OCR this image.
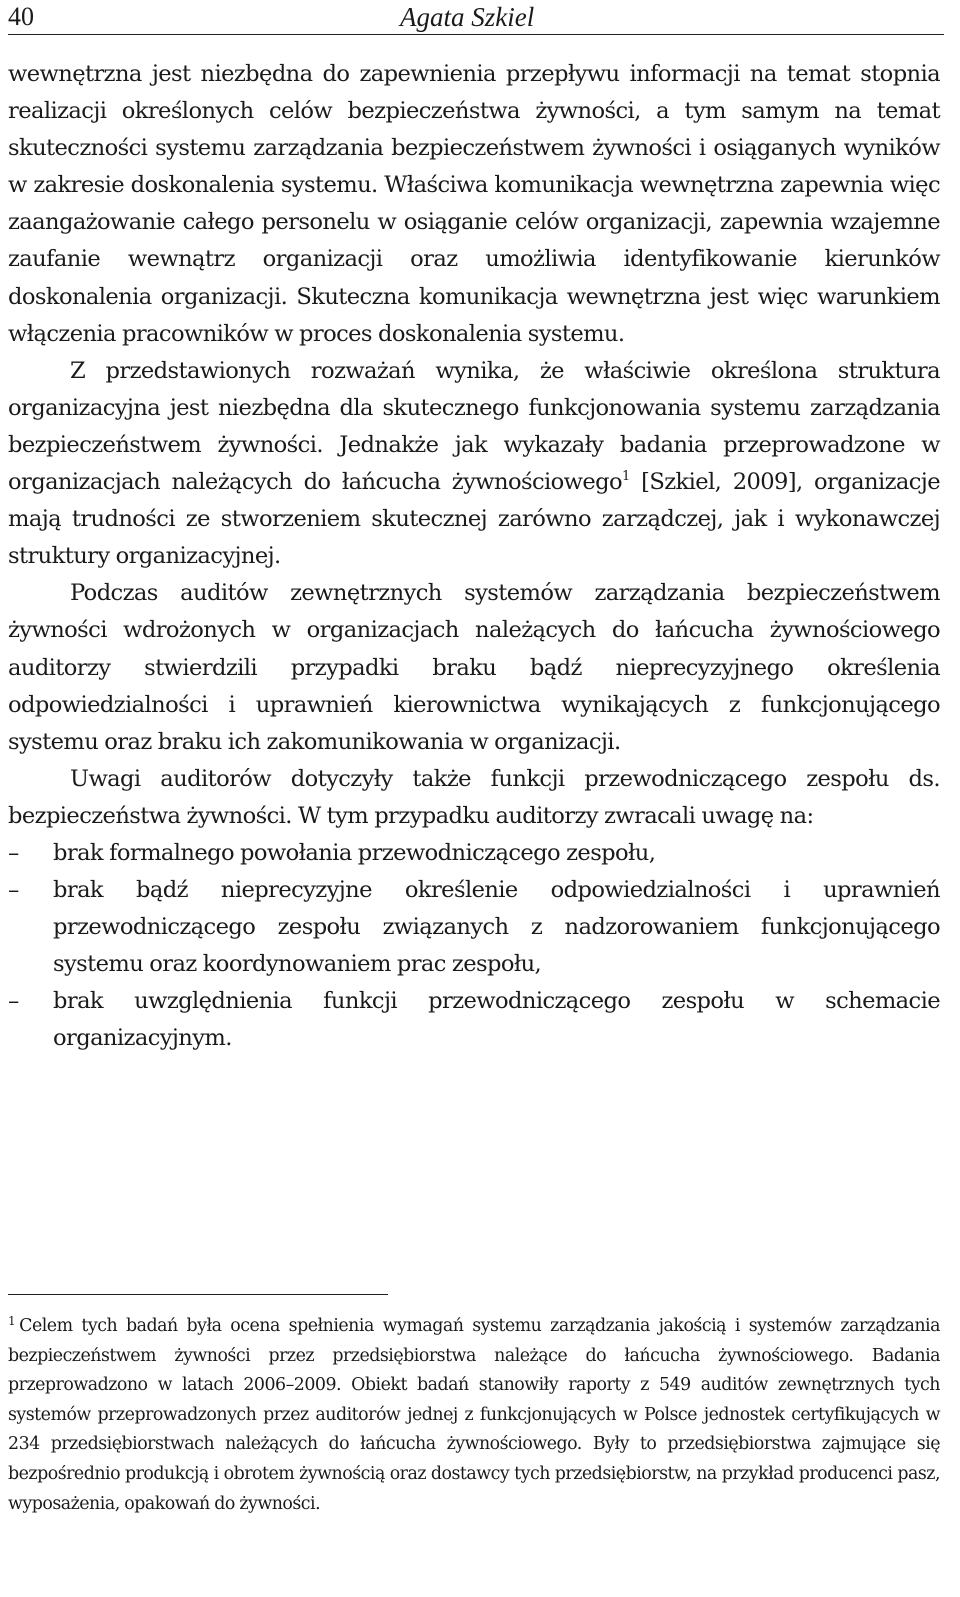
40	Agata Szkiel

wewnętrzna jest niezbędna do zapewnienia przepływu informacji na temat stopnia realizacji określonych celów bezpieczeństwa żywności, a tym samym na temat skuteczności systemu zarządzania bezpieczeństwem żywności i osiąganych wyników w zakresie doskonalenia systemu. Właściwa komunikacja wewnętrzna zapewnia więc zaangażowanie całego personelu w osiąganie celów organizacji, zapewnia wzajemne zaufanie wewnątrz organizacji oraz umożliwia identyfikowanie kierunków doskonalenia organizacji. Skuteczna komunikacja wewnętrzna jest więc warunkiem włączenia pracowników w proces doskonalenia systemu.

Z przedstawionych rozważań wynika, że właściwie określona struktura organizacyjna jest niezbędna dla skutecznego funkcjonowania systemu zarządzania bezpieczeństwem żywności. Jednakże jak wykazały badania przeprowadzone w organizacjach należących do łańcucha żywnościowego$^1$ [Szkiel, 2009], organizacje mają trudności ze stworzeniem skutecznej zarówno zarządczej, jak i wykonawczej struktury organizacyjnej.

Podczas auditów zewnętrznych systemów zarządzania bezpieczeństwem żywności wdrożonych w organizacjach należących do łańcucha żywnościowego auditorzy stwierdzili przypadki braku bądź nieprecyzyjnego określenia odpowiedzialności i uprawnień kierownictwa wynikających z funkcjonującego systemu oraz braku ich zakomunikowania w organizacji.

Uwagi auditorów dotyczyły także funkcji przewodniczącego zespołu ds. bezpieczeństwa żywności. W tym przypadku auditorzy zwracali uwagę na:

– brak formalnego powołania przewodniczącego zespołu,
– brak bądź nieprecyzyjne określenie odpowiedzialności i uprawnień przewodniczącego zespołu związanych z nadzorowaniem funkcjonującego systemu oraz koordynowaniem prac zespołu,
– brak uwzględnienia funkcji przewodniczącego zespołu w schemacie organizacyjnym.

$^1$ Celem tych badań była ocena spełnienia wymagań systemu zarządzania jakością i systemów zarządzania bezpieczeństwem żywności przez przedsiębiorstwa należące do łańcucha żywnościowego. Badania przeprowadzono w latach 2006–2009. Obiekt badań stanowiły raporty z 549 auditów zewnętrznych tych systemów przeprowadzonych przez auditorów jednej z funkcjonujących w Polsce jednostek certyfikujących w 234 przedsiębiorstwach należących do łańcucha żywnościowego. Były to przedsiębiorstwa zajmujące się bezpośrednio produkcją i obrotem żywnością oraz dostawcy tych przedsiębiorstw, na przykład producenci pasz, wyposażenia, opakowań do żywności.
